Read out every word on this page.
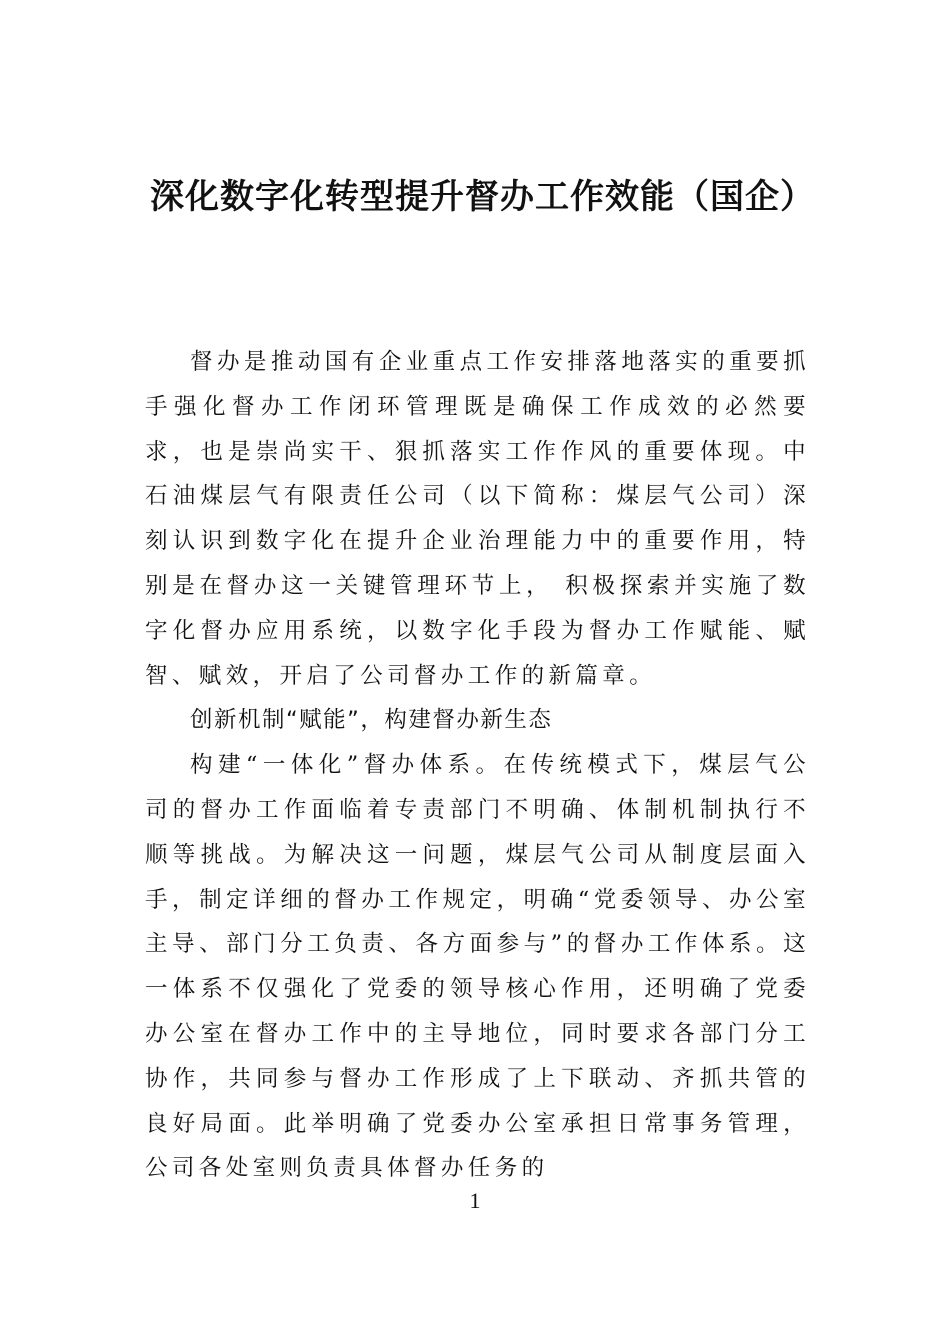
深化数字化转型提升督办工作效能（国企）

督办是推动国有企业重点工作安排落地落实的重要抓手强化督办工作闭环管理既是确保工作成效的必然要求，也是崇尚实干、狠抓落实工作作风的重要体现。中石油煤层气有限责任公司（以下简称：煤层气公司）深刻认识到数字化在提升企业治理能力中的重要作用，特别是在督办这一关键管理环节上， 积极探索并实施了数字化督办应用系统，以数字化手段为督办工作赋能、赋智、赋效，开启了公司督办工作的新篇章。

创新机制“赋能”，构建督办新生态

构建“一体化”督办体系。在传统模式下，煤层气公司的督办工作面临着专责部门不明确、体制机制执行不顺等挑战。为解决这一问题，煤层气公司从制度层面入手，制定详细的督办工作规定，明确“党委领导、办公室主导、部门分工负责、各方面参与”的督办工作体系。这一体系不仅强化了党委的领导核心作用，还明确了党委办公室在督办工作中的主导地位，同时要求各部门分工协作，共同参与督办工作形成了上下联动、齐抓共管的良好局面。此举明确了党委办公室承担日常事务管理，公司各处室则负责具体督办任务的

1
